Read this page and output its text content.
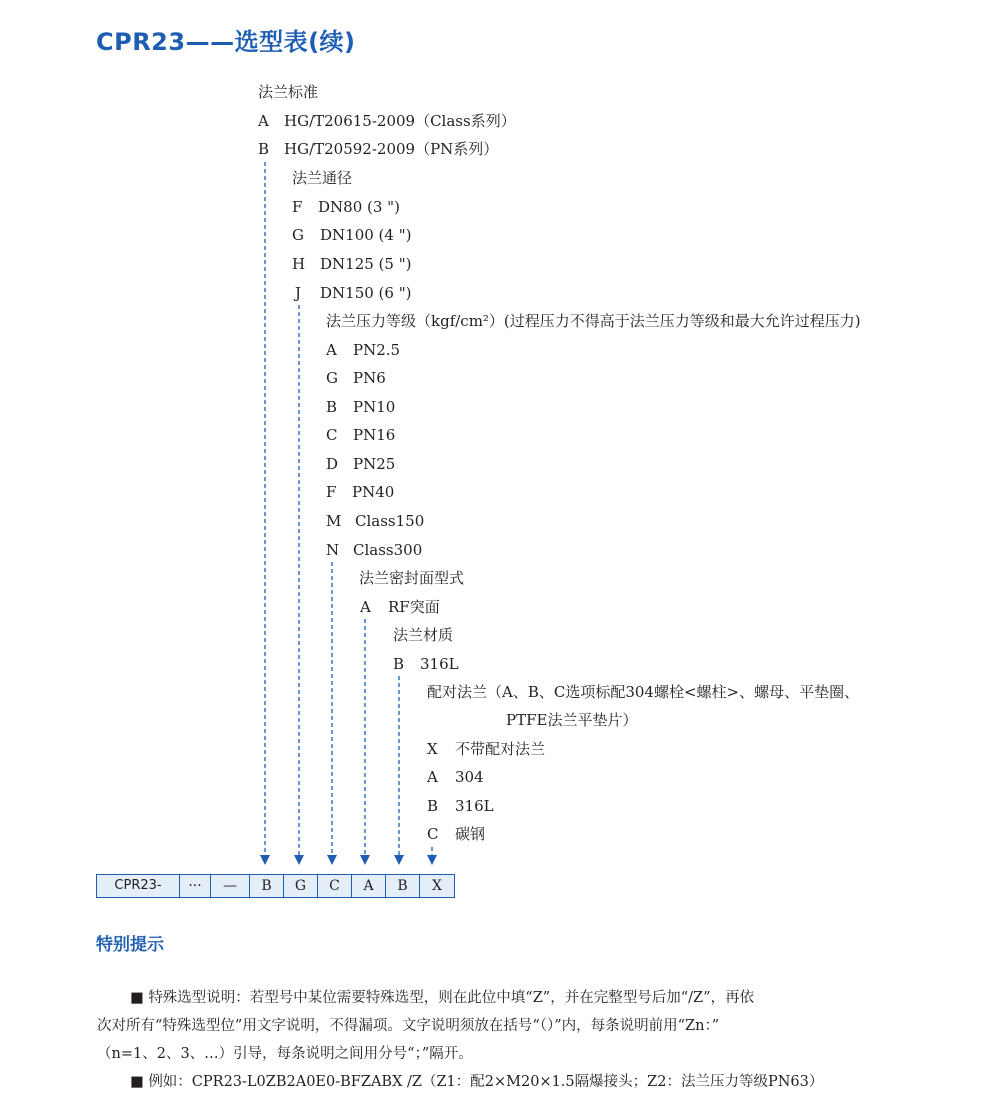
CPR23——选型表(续)
法兰标准
A	HG/T20615-2009（Class系列）
B HG/T20592-2009（PN系列）
法兰通径
F	DN80 (3 ")
G DN100 (4 ")
H DN125 (5 ")
J	DN150 (6 ")
法兰压力等级（kgf/cm²）(过程压力不得高于法兰压力等级和最大允许过程压力)
A	PN2.5
G PN6
B	PN10
C	PN16
D PN25
F	PN40
M Class150
N Class300
法兰密封面型式
A	RF突面
法兰材质
B	316L
配对法兰（A、B、C选项标配304螺栓<螺柱>、螺母、平垫圈、
PTFE法兰平垫片）
X	不带配对法兰
A	304
B	316L
C	碳钢
CPR23-	···	—	B	G	C	A	B	X
特别提示
■ 特殊选型说明：若型号中某位需要特殊选型，则在此位中填“Z”，并在完整型号后加“/Z”，再依
次对所有“特殊选型位”用文字说明，不得漏项。文字说明须放在括号“（）”内，每条说明前用“Zn：”
（n=1、2、3、…）引导，每条说明之间用分号“；”隔开。
■ 例如：CPR23-L0ZB2A0E0-BFZABX /Z（Z1：配2×M20×1.5隔爆接头；Z2：法兰压力等级PN63）
